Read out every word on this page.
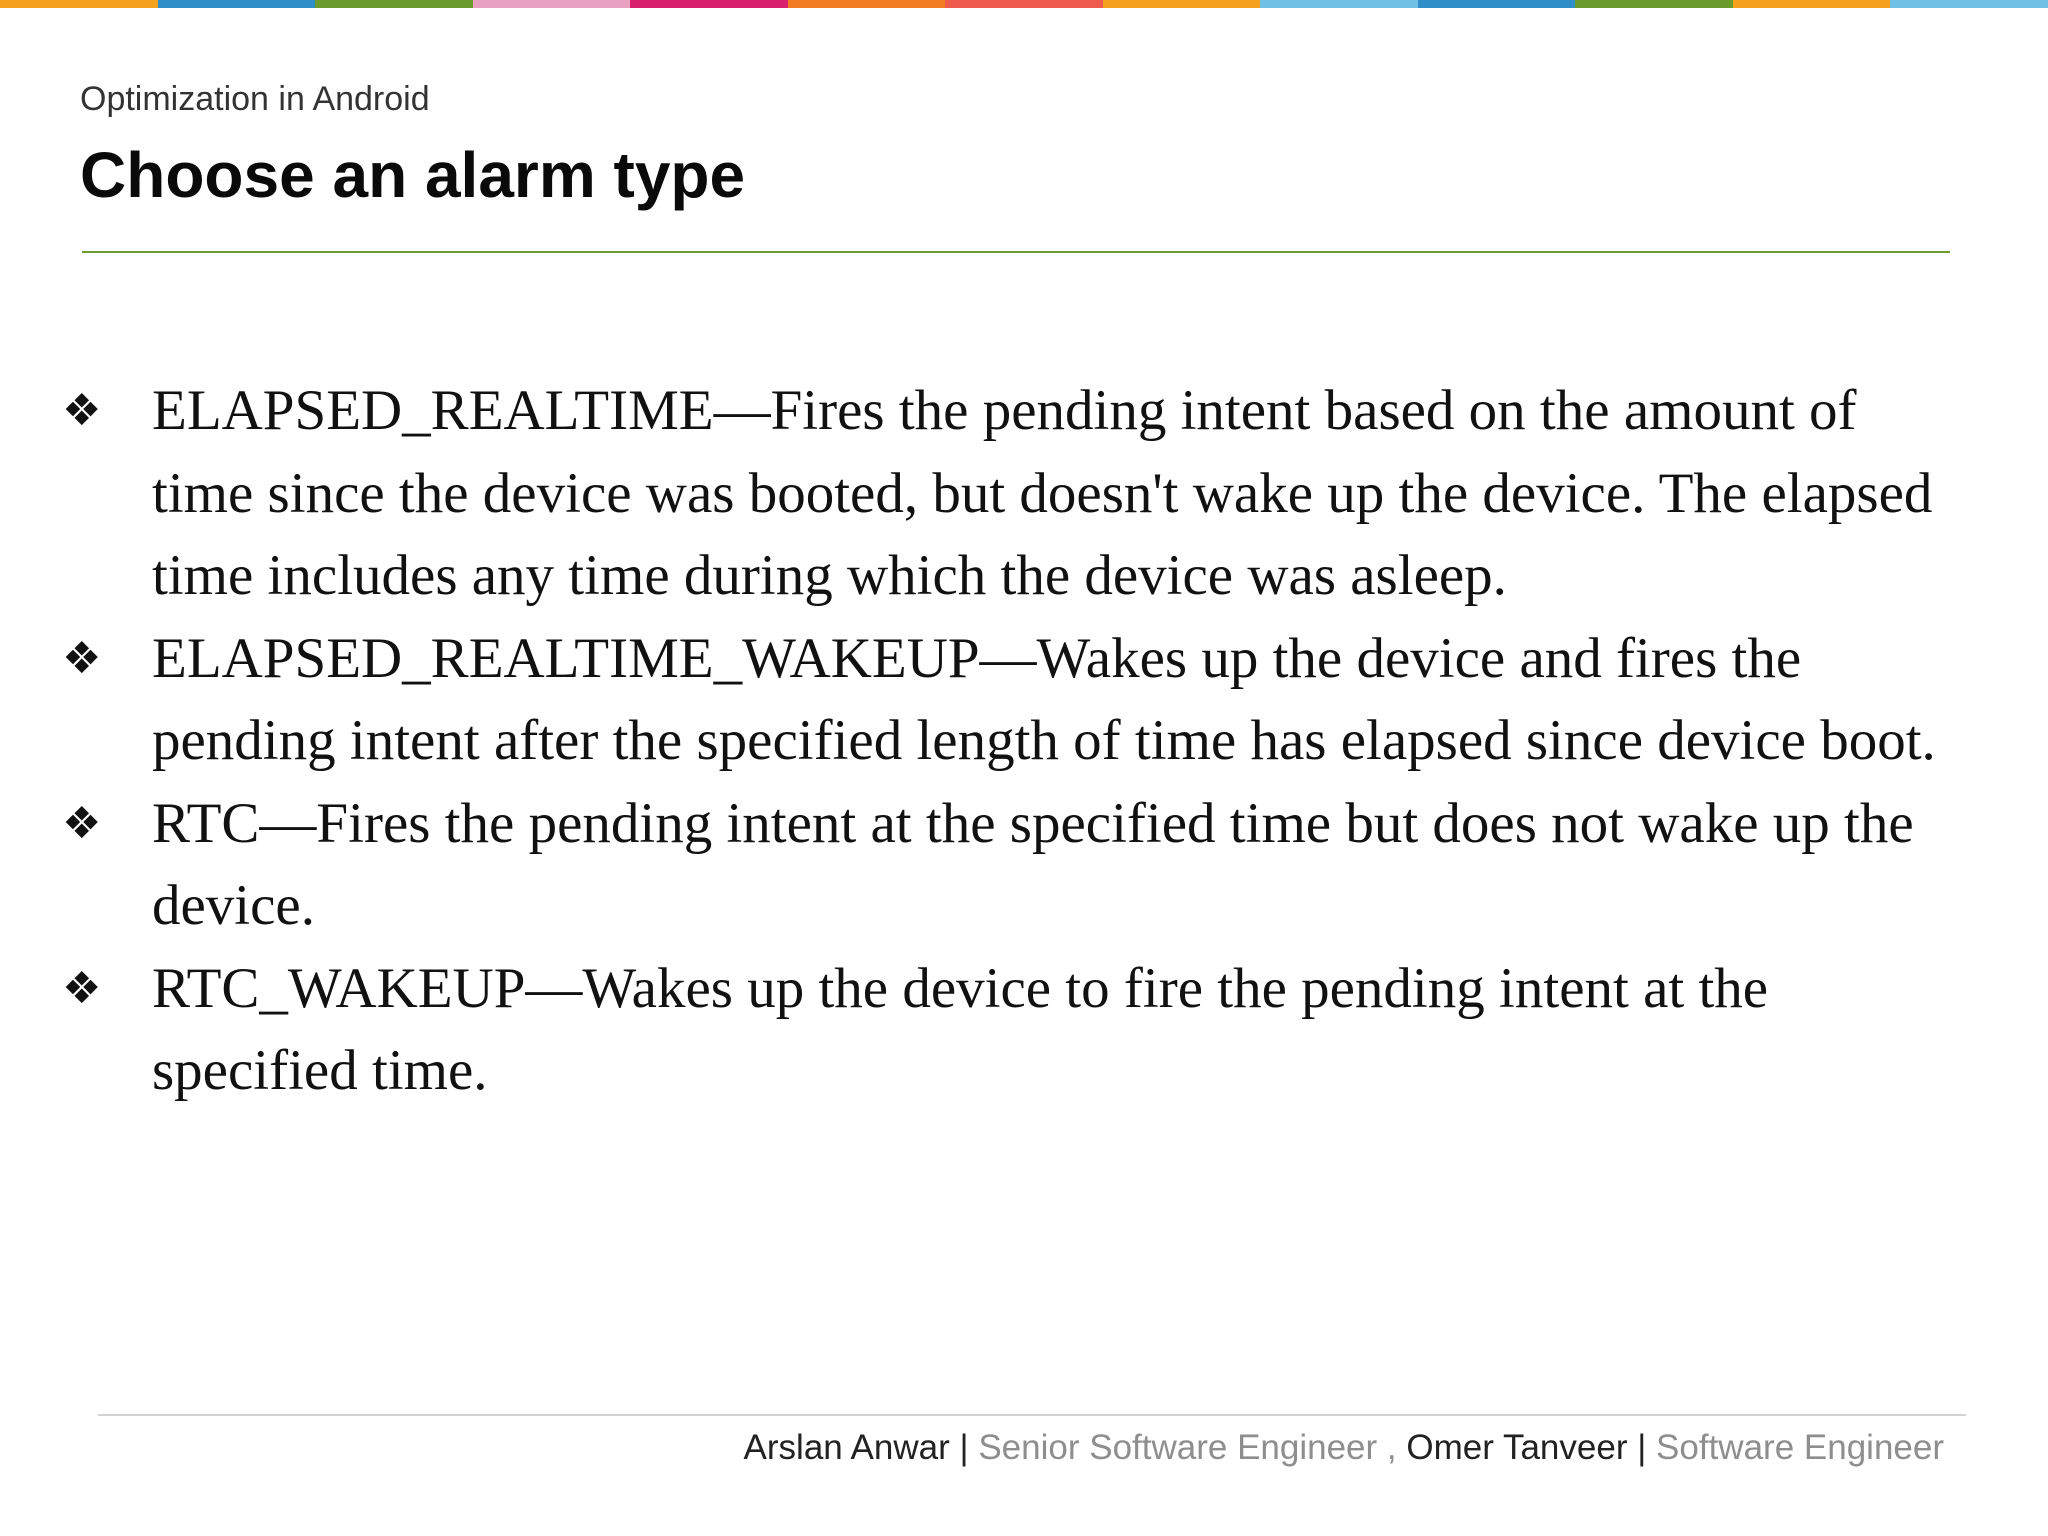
Optimization in Android
Choose an alarm type
❖ ELAPSED_REALTIME—Fires the pending intent based on the amount of time since the device was booted, but doesn't wake up the device. The elapsed time includes any time during which the device was asleep.
❖ ELAPSED_REALTIME_WAKEUP—Wakes up the device and fires the pending intent after the specified length of time has elapsed since device boot.
❖ RTC—Fires the pending intent at the specified time but does not wake up the device.
❖ RTC_WAKEUP—Wakes up the device to fire the pending intent at the specified time.
Arslan Anwar | Senior Software Engineer , Omer Tanveer | Software Engineer
